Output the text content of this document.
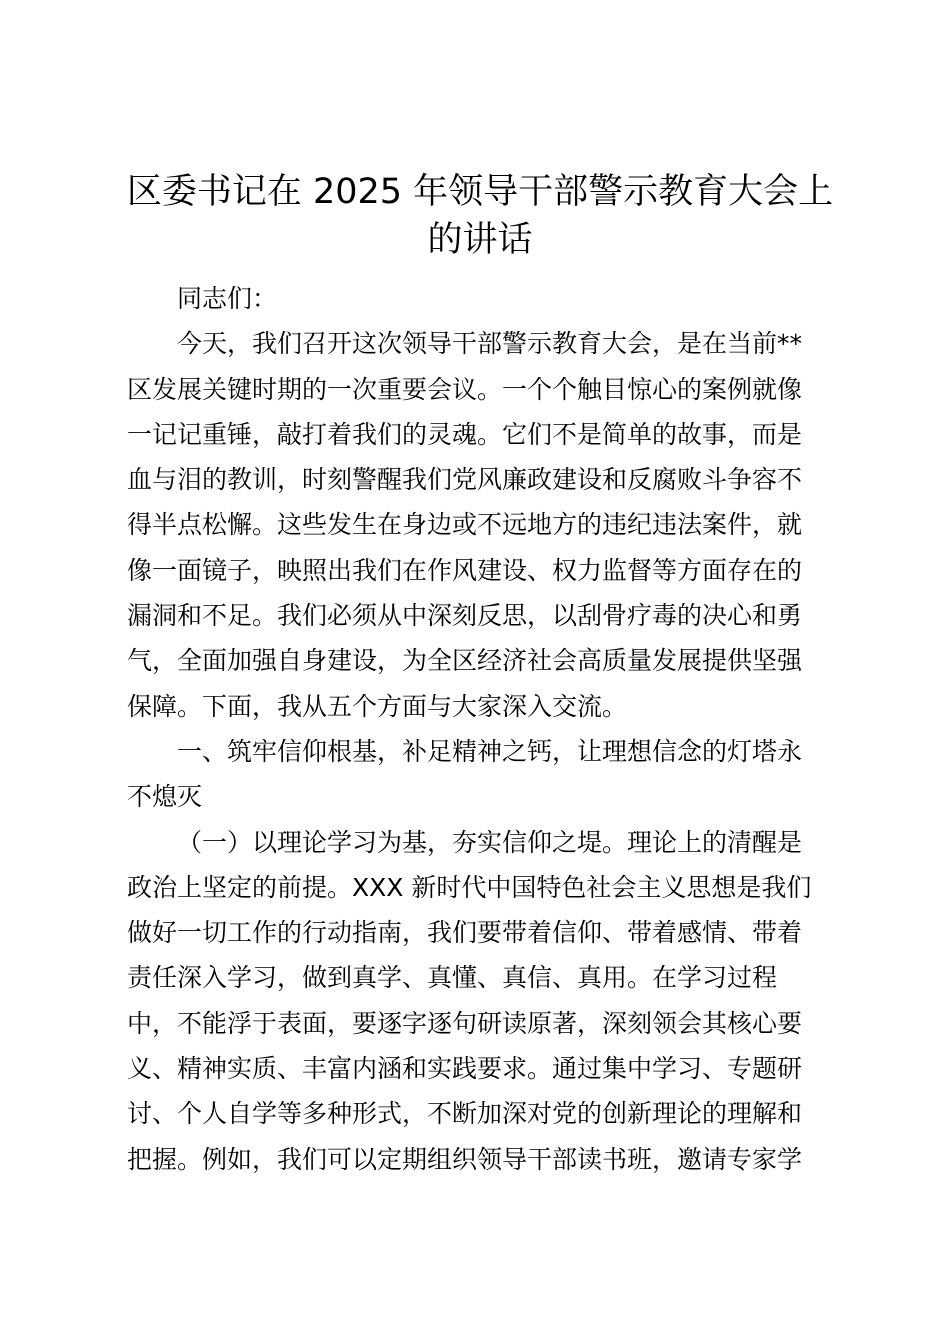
区委书记在 2025 年领导干部警示教育大会上
的讲话
同志们：
今天，我们召开这次领导干部警示教育大会，是在当前**
区发展关键时期的一次重要会议。一个个触目惊心的案例就像
一记记重锤，敲打着我们的灵魂。它们不是简单的故事，而是
血与泪的教训，时刻警醒我们党风廉政建设和反腐败斗争容不
得半点松懈。这些发生在身边或不远地方的违纪违法案件，就
像一面镜子，映照出我们在作风建设、权力监督等方面存在的
漏洞和不足。我们必须从中深刻反思，以刮骨疗毒的决心和勇
气，全面加强自身建设，为全区经济社会高质量发展提供坚强
保障。下面，我从五个方面与大家深入交流。
一、筑牢信仰根基，补足精神之钙，让理想信念的灯塔永
不熄灭
（一）以理论学习为基，夯实信仰之堤。理论上的清醒是
政治上坚定的前提。XXX 新时代中国特色社会主义思想是我们
做好一切工作的行动指南，我们要带着信仰、带着感情、带着
责任深入学习，做到真学、真懂、真信、真用。在学习过程
中，不能浮于表面，要逐字逐句研读原著，深刻领会其核心要
义、精神实质、丰富内涵和实践要求。通过集中学习、专题研
讨、个人自学等多种形式，不断加深对党的创新理论的理解和
把握。例如，我们可以定期组织领导干部读书班，邀请专家学
